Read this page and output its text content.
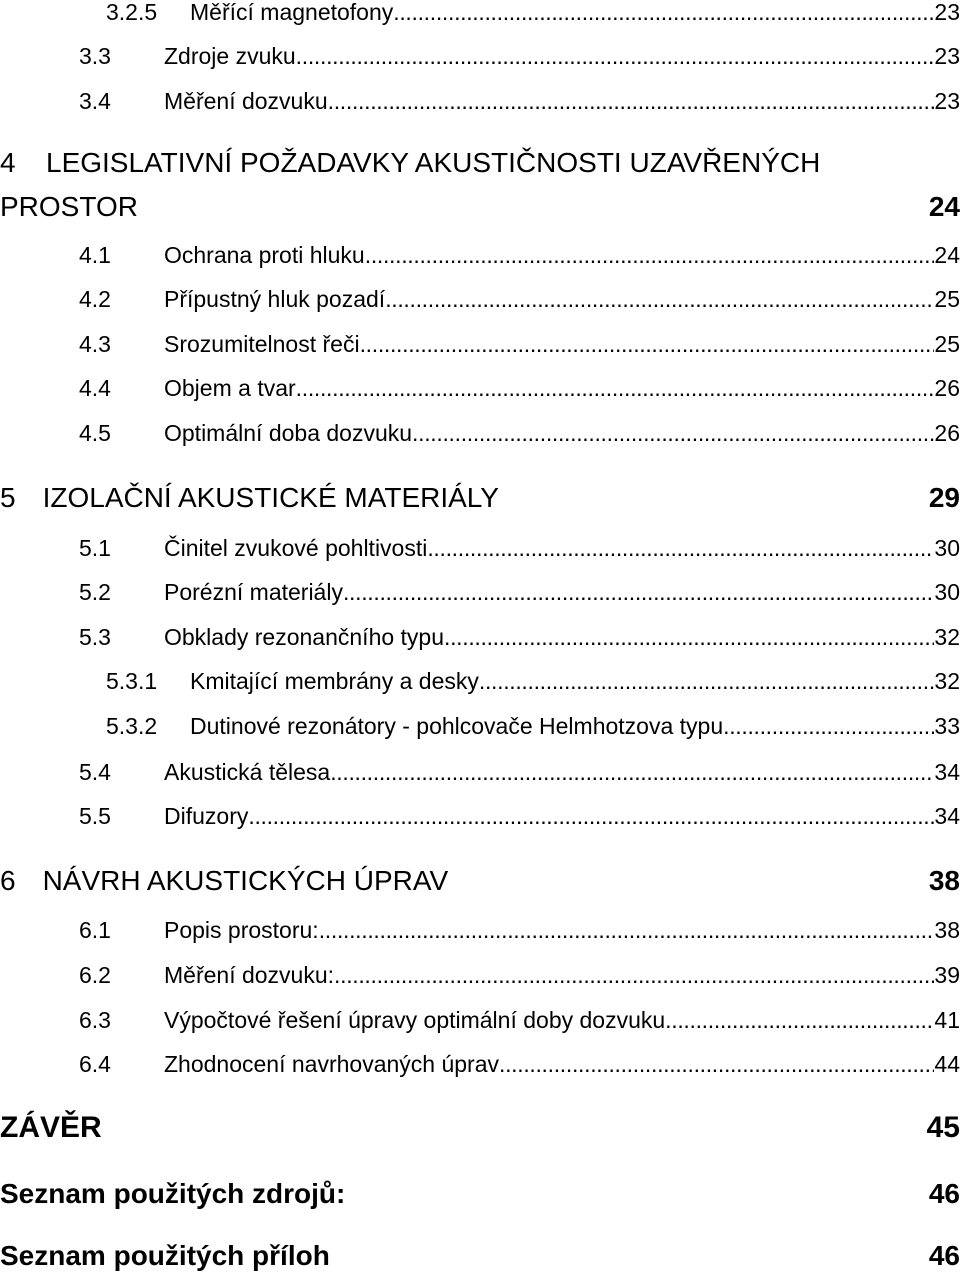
3.2.5 Měřící magnetofony . . .	23
3.3 Zdroje zvuku . . .	23
3.4 Měření dozvuku . . .	23
4 LEGISLATIVNÍ POŽADAVKY AKUSTIČNOSTI UZAVŘENÝCH
PROSTOR	24
4.1 Ochrana proti hluku . . .	24
4.2 Přípustný hluk pozadí . . .	25
4.3 Srozumitelnost řeči . . .	25
4.4 Objem a tvar . . .	26
4.5 Optimální doba dozvuku . . .	26
5 IZOLAČNÍ AKUSTICKÉ MATERIÁLY	29
5.1 Činitel zvukové pohltivosti . . .	30
5.2 Porézní materiály . . .	30
5.3 Obklady rezonančního typu . . .	32
5.3.1 Kmitající membrány a desky . . .	32
5.3.2 Dutinové rezonátory - pohlcovače Helmhotzova typu . . .	33
5.4 Akustická tělesa . . .	34
5.5 Difuzory . . .	34
6 NÁVRH AKUSTICKÝCH ÚPRAV	38
6.1 Popis prostoru: . . .	38
6.2 Měření dozvuku: . . .	39
6.3 Výpočtové řešení úpravy optimální doby dozvuku . . .	41
6.4 Zhodnocení navrhovaných úprav . . .	44
ZÁVĚR	45
Seznam použitých zdrojů:	46
Seznam použitých příloh	46
